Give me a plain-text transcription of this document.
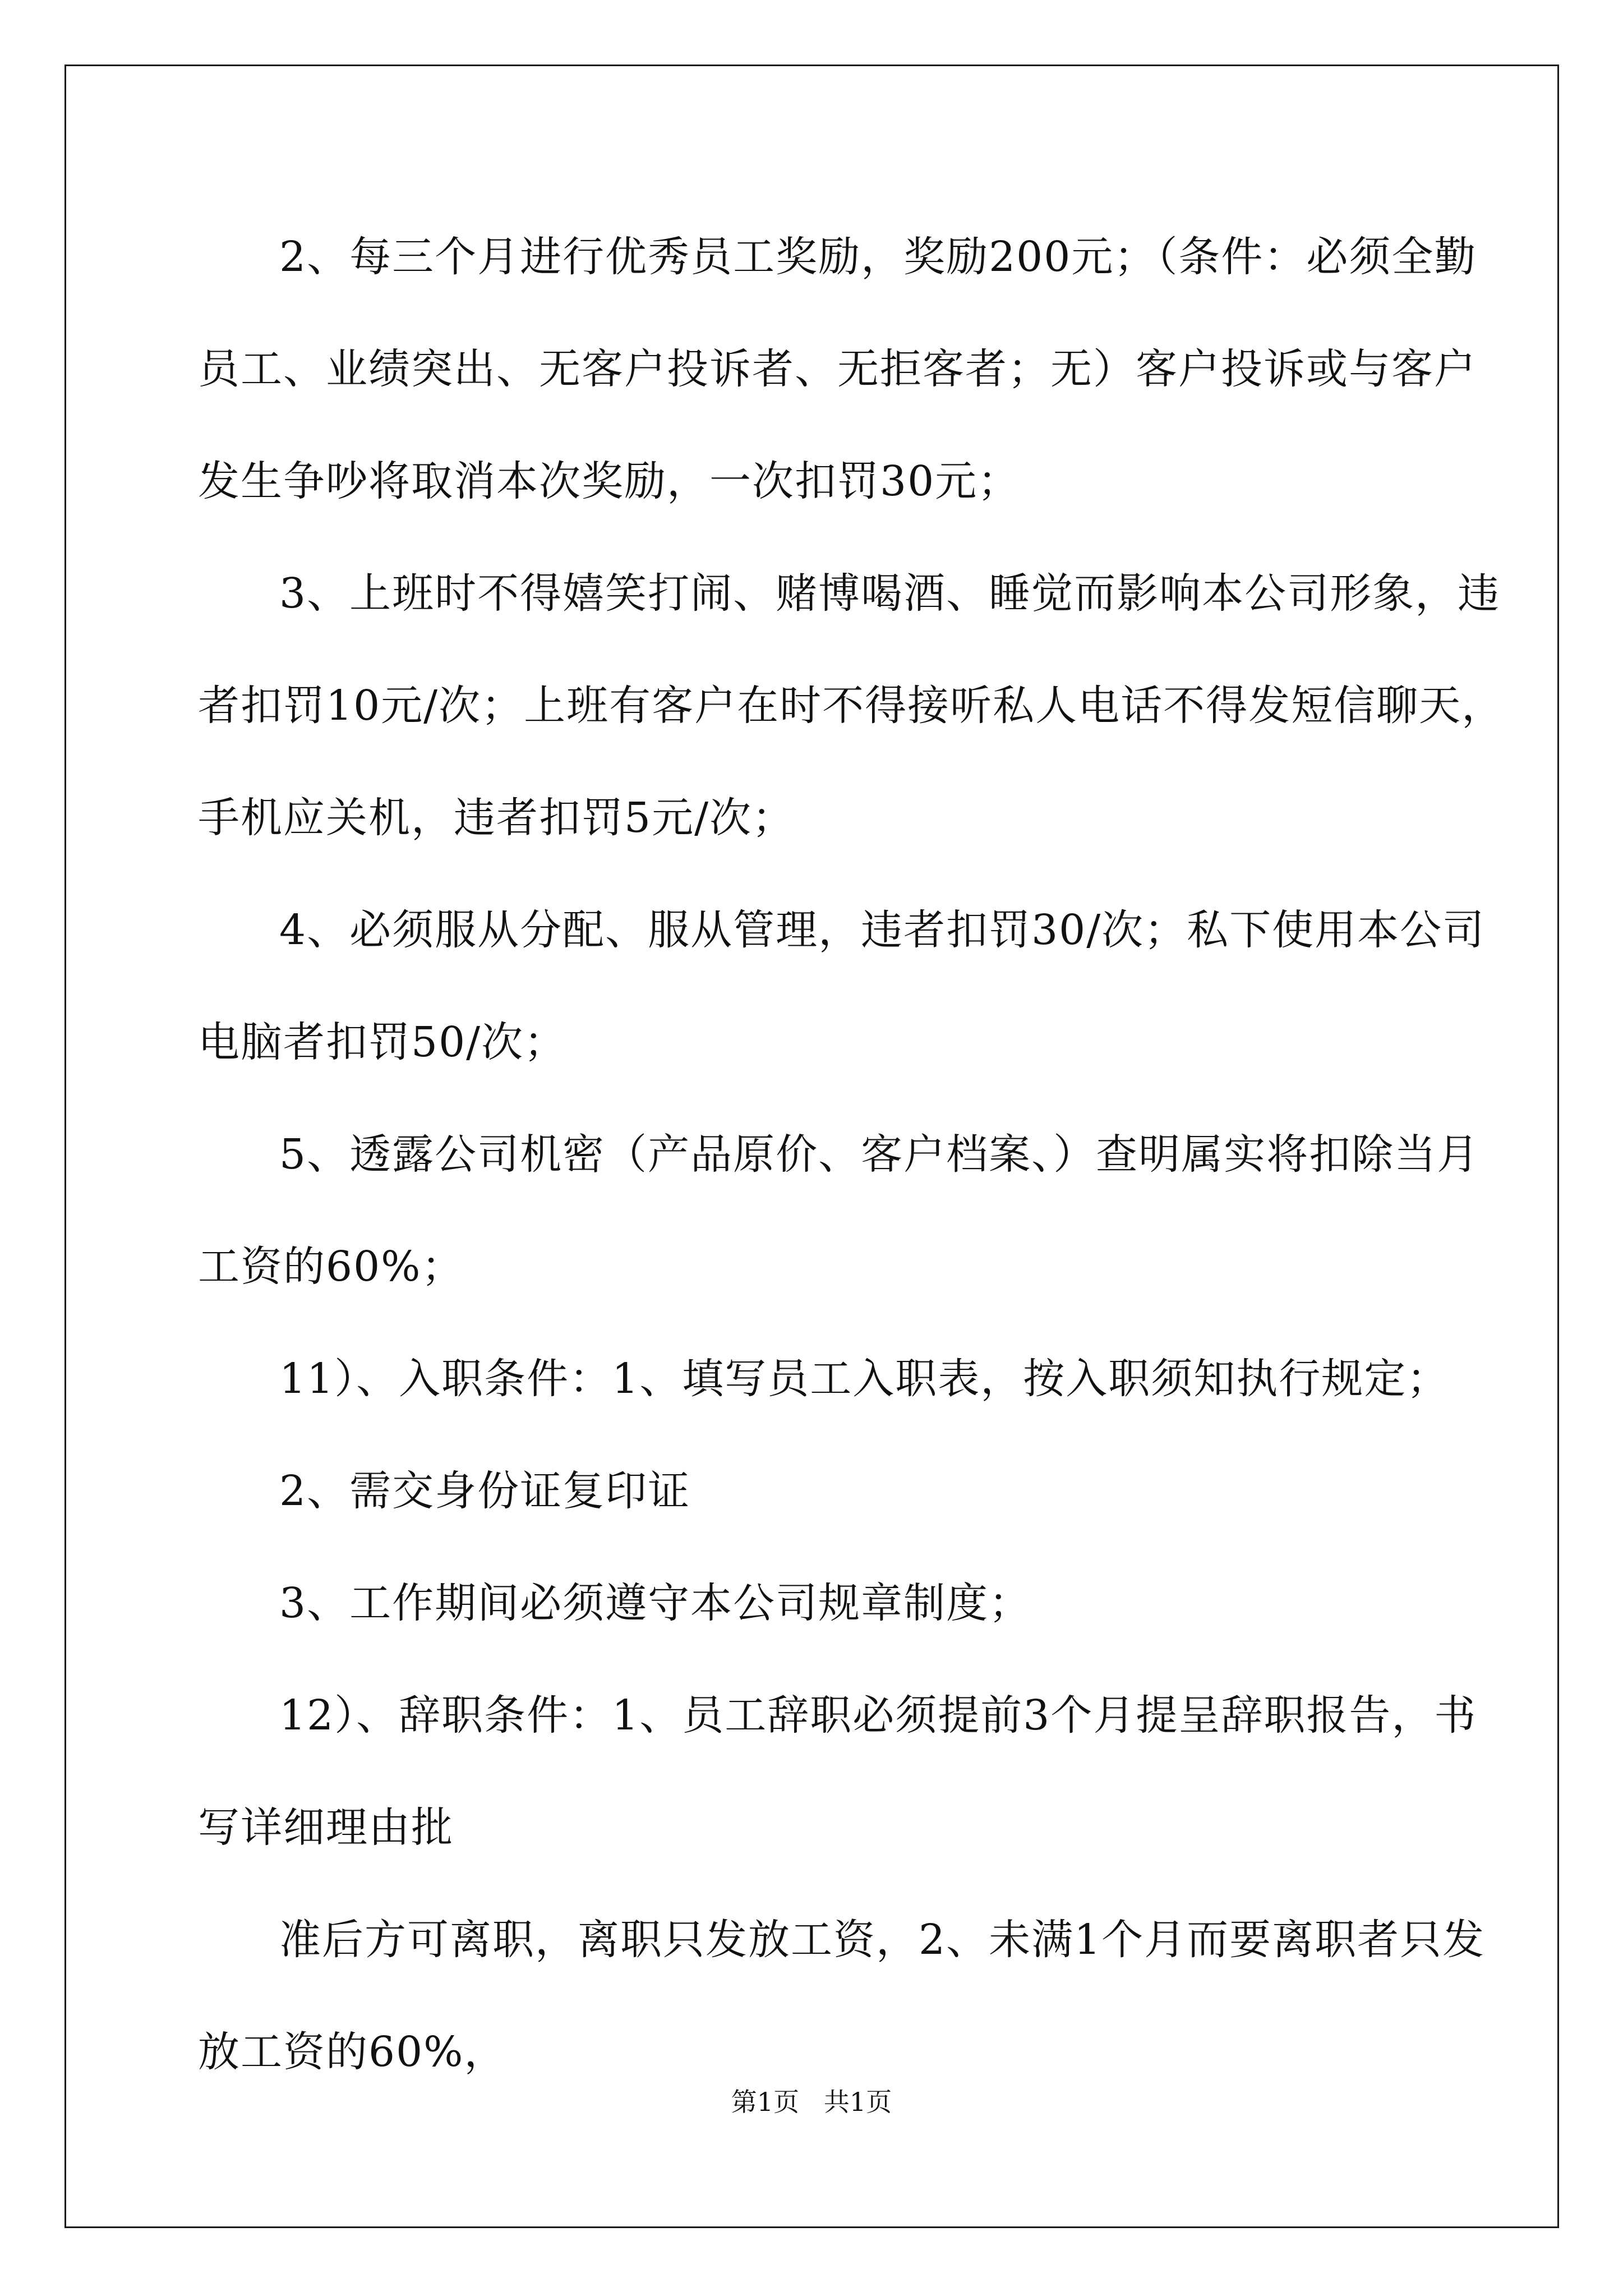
2、每三个月进行优秀员工奖励，奖励200元；（条件：必须全勤
员工、业绩突出、无客户投诉者、无拒客者；无）客户投诉或与客户
发生争吵将取消本次奖励，一次扣罚30元；
3、上班时不得嬉笑打闹、赌博喝酒、睡觉而影响本公司形象，违
者扣罚10元/次；上班有客户在时不得接听私人电话不得发短信聊天，
手机应关机，违者扣罚5元/次；
4、必须服从分配、服从管理，违者扣罚30/次；私下使用本公司
电脑者扣罚50/次；
5、透露公司机密（产品原价、客户档案、）查明属实将扣除当月
工资的60%；
11）、入职条件：1、填写员工入职表，按入职须知执行规定；
2、需交身份证复印证
3、工作期间必须遵守本公司规章制度；
12）、辞职条件：1、员工辞职必须提前3个月提呈辞职报告，书
写详细理由批
准后方可离职，离职只发放工资，2、未满1个月而要离职者只发
放工资的60%，
第1页   共1页
